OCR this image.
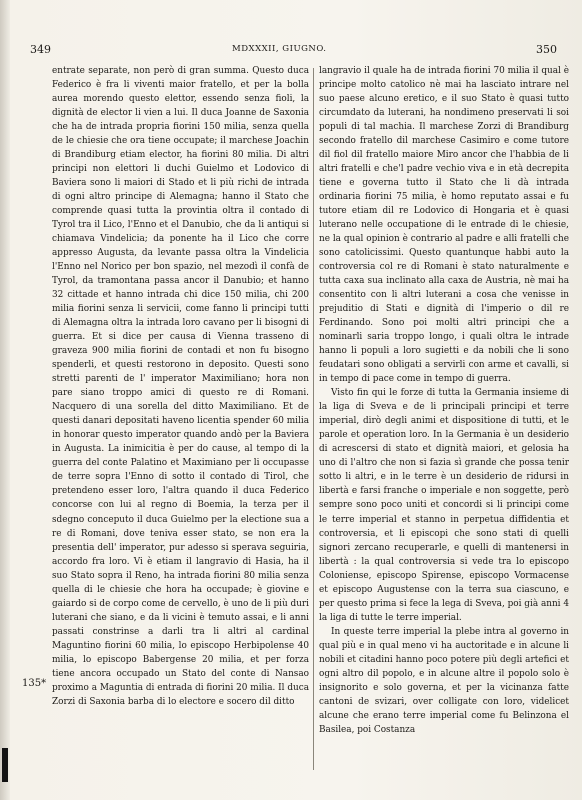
349	MDXXXII, GIUGNO.	350

entrate separate, non però di gran summa. Questo duca Federico è fra li viventi maior fratello, et per la bolla aurea morendo questo elettor, essendo senza fioli, la dignità de elector li vien a lui. Il duca Joanne de Saxonia che ha de intrada propria fiorini 150 milia, senza quella de le chiesie che ora tiene occupate; il marchese Joachin di Brandiburg etiam elector, ha fiorini 80 milia. Di altri principi non elettori li duchi Guielmo et Lodovico di Baviera sono li maiori di Stado et li più richi de intrada di ogni altro principe di Alemagna; hanno il Stato che comprende quasi tutta la provintia oltra il contado di Tyrol tra il Lico, l'Enno et el Danubio, che da li antiqui si chiamava Vindelicia; da ponente ha il Lico che corre appresso Augusta, da levante passa oltra la Vindelicia l'Enno nel Norico per bon spazio, nel mezodì il confà de Tyrol, da tramontana passa ancor il Danubio; et hanno 32 cittade et hanno intrada chi dice 150 milia, chi 200 milia fiorini senza li servicii, come fanno li principi tutti di Alemagna oltra la intrada loro cavano per li bisogni di guerra. Et si dice per causa di Vienna trasseno di graveza 900 milia fiorini de contadi et non fu bisogno spenderli, et questi restorono in deposito. Questi sono stretti parenti de l' imperator Maximiliano; hora non pare siano troppo amici di questo re di Romani. Nacquero di una sorella del ditto Maximiliano. Et de questi danari depositati haveno licentia spender 60 milia in honorar questo imperator quando andò per la Baviera in Augusta. La inimicitia è per do cause, al tempo di la guerra del conte Palatino et Maximiano per li occupasse de terre sopra l'Enno di sotto il contado di Tirol, che pretendeno esser loro, l'altra quando il duca Federico concorse con lui al regno di Boemia, la terza per il sdegno conceputo il duca Guielmo per la electione sua a re di Romani, dove teniva esser stato, se non era la presentia dell' imperator, pur adesso si sperava seguiria, accordo fra loro. Vi è etiam il langravio di Hasia, ha il suo Stato sopra il Reno, ha intrada fiorini 80 milia senza quella di le chiesie che hora ha occupade; è giovine e gaiardo si de corpo come de cervello, è uno de li più duri luterani che siano, e da li vicini è temuto assai, e li anni passati constrinse a darli tra li altri al cardinal Maguntino fiorini 60 milia, lo episcopo Herbipolense 40 milia, lo episcopo Babergense 20 milia, et per forza tiene ancora occupado un Stato del conte di Nansao proximo a Maguntia di entrada di fiorini 20 milia. Il duca Zorzi di Saxonia barba di lo electore e socero dil ditto

langravio il quale ha de intrada fiorini 70 milia il qual è principe molto catolico nè mai ha lasciato intrare nel suo paese alcuno eretico, e il suo Stato è quasi tutto circumdato da luterani, ha nondimeno preservati li soi populi di tal machia. Il marchese Zorzi di Brandiburg secondo fratello dil marchese Casimiro e come tutore dil fiol dil fratello maiore Miro ancor che l'habbia de li altri fratelli e che'l padre vechio viva e in età decrepita tiene e governa tutto il Stato che li dà intrada ordinaria fiorini 75 milia, è homo reputato assai e fu tutore etiam dil re Lodovico di Hongaria et è quasi luterano nelle occupatione di le entrade di le chiesie, ne la qual opinion è contrario al padre e alli fratelli che sono catolicissimi. Questo quantunque habbi auto la controversia col re di Romani è stato naturalmente e tutta caxa sua inclinato alla caxa de Austria, nè mai ha consentito con li altri luterani a cosa che venisse in prejuditio di Stati e dignità di l'imperio o dil re Ferdinando. Sono poi molti altri principi che a nominarli saria troppo longo, i quali oltra le intrade hanno li populi a loro sugietti e da nobili che li sono feudatari sono obligati a servirli con arme et cavalli, si in tempo di pace come in tempo di guerra.

Visto fin qui le forze di tutta la Germania insieme di la liga di Sveva e de li principali principi et terre imperial, dirò degli animi et dispositione di tutti, et le parole et operation loro. In la Germania è un desiderio di acrescersi di stato et dignità maiori, et gelosia ha uno di l'altro che non si fazia sì grande che possa tenir sotto li altri, e in le terre è un desiderio de ridursi in libertà e farsi franche o imperiale e non soggette, però sempre sono poco uniti et concordi si li principi come le terre imperial et stanno in perpetua diffidentia et controversia, et li episcopi che sono stati di quelli signori zercano recuperarle, e quelli di mantenersi in libertà : la qual controversia si vede tra lo episcopo Coloniense, episcopo Spirense, episcopo Vormacense et episcopo Augustense con la terra sua ciascuno, e per questo prima si fece la lega di Sveva, poi già anni 4 la liga di tutte le terre imperial.

In queste terre imperial la plebe intra al governo in qual più e in qual meno vi ha auctoritade e in alcune li nobili et citadini hanno poco potere più degli artefici et ogni altro dil popolo, e in alcune altre il popolo solo è insignorito e solo governa, et per la vicinanza fatte cantoni de svizari, over colligate con loro, videlicet alcune che erano terre imperial come fu Belinzona el Basilea, poi Costanza

135*
